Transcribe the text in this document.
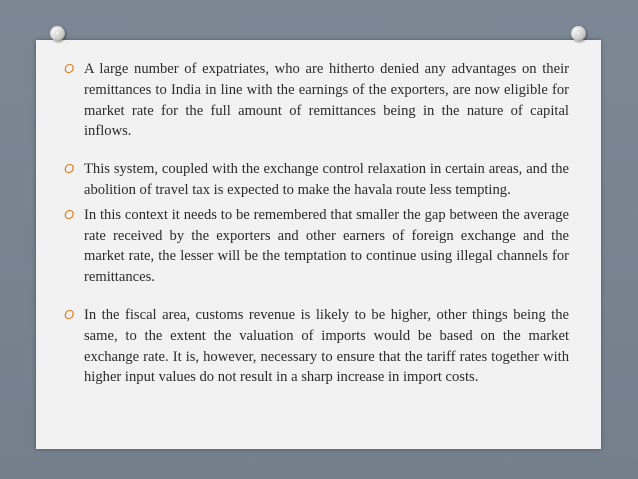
O A large number of expatriates, who are hitherto denied any advantages on their remittances to India in line with the earnings of the exporters, are now eligible for market rate for the full amount of remittances being in the nature of capital inflows.
O This system, coupled with the exchange control relaxation in certain areas, and the abolition of travel tax is expected to make the havala route less tempting.
O In this context it needs to be remembered that smaller the gap between the average rate received by the exporters and other earners of foreign exchange and the market rate, the lesser will be the temptation to continue using illegal channels for remittances.
O In the fiscal area, customs revenue is likely to be higher, other things being the same, to the extent the valuation of imports would be based on the market exchange rate. It is, however, necessary to ensure that the tariff rates together with higher input values do not result in a sharp increase in import costs.
